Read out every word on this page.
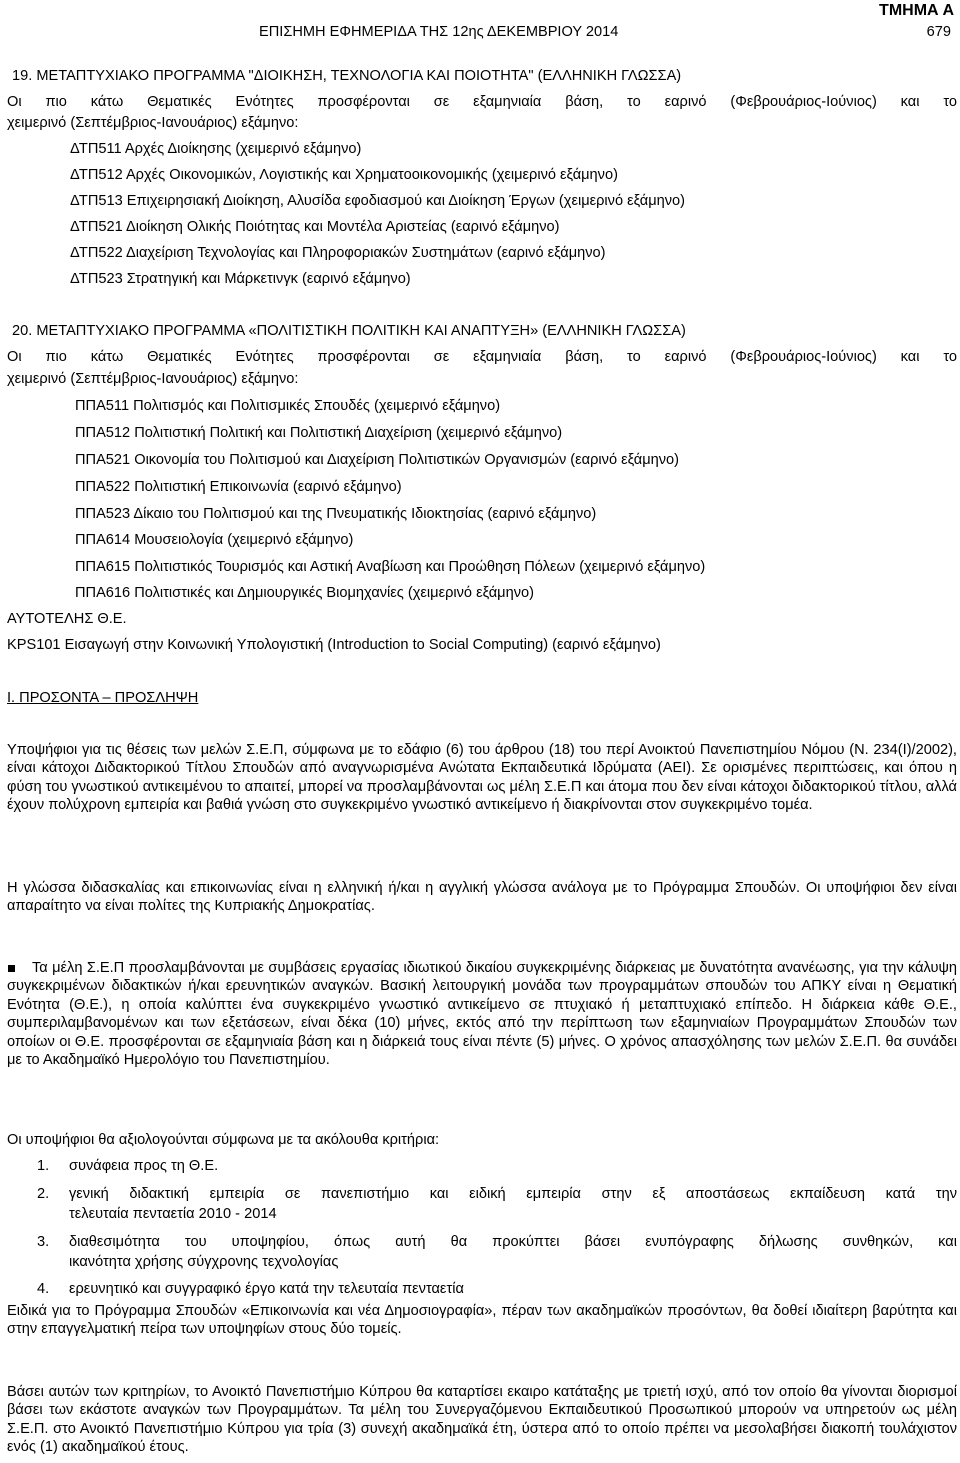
ΤΜΗΜΑ Α
ΕΠΙΣΗΜΗ ΕΦΗΜΕΡΙΔΑ ΤΗΣ 12ης ΔΕΚΕΜΒΡΙΟΥ 2014	679
19. ΜΕΤΑΠΤΥΧΙΑΚΟ ΠΡΟΓΡΑΜΜΑ "ΔΙΟΙΚΗΣΗ, ΤΕΧΝΟΛΟΓΙΑ ΚΑΙ ΠΟΙΟΤΗΤΑ" (ΕΛΛΗΝΙΚΗ ΓΛΩΣΣΑ)
Οι πιο κάτω Θεματικές Ενότητες προσφέρονται σε εξαμηνιαία βάση, το εαρινό (Φεβρουάριος-Ιούνιος) και το
χειμερινό (Σεπτέμβριος-Ιανουάριος) εξάμηνο:
ΔΤΠ511 Αρχές Διοίκησης (χειμερινό εξάμηνο)
ΔΤΠ512 Αρχές Οικονομικών, Λογιστικής και Χρηματοοικονομικής (χειμερινό εξάμηνο)
ΔΤΠ513 Επιχειρησιακή Διοίκηση, Αλυσίδα εφοδιασμού και Διοίκηση Έργων (χειμερινό εξάμηνο)
ΔΤΠ521 Διοίκηση Ολικής Ποιότητας και Μοντέλα Αριστείας (εαρινό εξάμηνο)
ΔΤΠ522 Διαχείριση Τεχνολογίας και Πληροφοριακών Συστημάτων (εαρινό εξάμηνο)
ΔΤΠ523 Στρατηγική και Μάρκετινγκ (εαρινό εξάμηνο)
20. ΜΕΤΑΠΤΥΧΙΑΚΟ ΠΡΟΓΡΑΜΜΑ «ΠΟΛΙΤΙΣΤΙΚΗ ΠΟΛΙΤΙΚΗ ΚΑΙ ΑΝΑΠΤΥΞΗ» (ΕΛΛΗΝΙΚΗ ΓΛΩΣΣΑ)
Οι πιο κάτω Θεματικές Ενότητες προσφέρονται σε εξαμηνιαία βάση, το εαρινό (Φεβρουάριος-Ιούνιος) και το
χειμερινό (Σεπτέμβριος-Ιανουάριος) εξάμηνο:
ΠΠΑ511 Πολιτισμός και Πολιτισμικές Σπουδές (χειμερινό εξάμηνο)
ΠΠΑ512 Πολιτιστική Πολιτική και Πολιτιστική Διαχείριση (χειμερινό εξάμηνο)
ΠΠΑ521 Οικονομία του Πολιτισμού και Διαχείριση Πολιτιστικών Οργανισμών (εαρινό εξάμηνο)
ΠΠΑ522 Πολιτιστική Επικοινωνία (εαρινό εξάμηνο)
ΠΠΑ523 Δίκαιο του Πολιτισμού και της Πνευματικής Ιδιοκτησίας (εαρινό εξάμηνο)
ΠΠΑ614 Μουσειολογία (χειμερινό εξάμηνο)
ΠΠΑ615 Πολιτιστικός Τουρισμός και Αστική Αναβίωση και Προώθηση Πόλεων (χειμερινό εξάμηνο)
ΠΠΑ616 Πολιτιστικές και Δημιουργικές Βιομηχανίες (χειμερινό εξάμηνο)
ΑΥΤΟΤΕΛΗΣ Θ.Ε.
KPS101 Εισαγωγή στην Κοινωνική Υπολογιστική (Introduction to Social Computing) (εαρινό εξάμηνο)
Ι. ΠΡΟΣΟΝΤΑ – ΠΡΟΣΛΗΨΗ
Υποψήφιοι για τις θέσεις των μελών Σ.Ε.Π, σύμφωνα με το εδάφιο (6) του άρθρου (18) του περί Ανοικτού Πανεπιστημίου Νόμου (Ν. 234(Ι)/2002), είναι κάτοχοι Διδακτορικού Τίτλου Σπουδών από αναγνωρισμένα Ανώτατα Εκπαιδευτικά Ιδρύματα (ΑΕΙ). Σε ορισμένες περιπτώσεις, και όπου η φύση του γνωστικού αντικειμένου το απαιτεί, μπορεί να προσλαμβάνονται ως μέλη Σ.Ε.Π και άτομα που δεν είναι κάτοχοι διδακτορικού τίτλου, αλλά έχουν πολύχρονη εμπειρία και βαθιά γνώση στο συγκεκριμένο γνωστικό αντικείμενο ή διακρίνονται στον συγκεκριμένο τομέα.
Η γλώσσα διδασκαλίας και επικοινωνίας είναι η ελληνική ή/και η αγγλική γλώσσα ανάλογα με το Πρόγραμμα Σπουδών. Οι υποψήφιοι δεν είναι απαραίτητο να είναι πολίτες της Κυπριακής Δημοκρατίας.
Τα μέλη Σ.Ε.Π προσλαμβάνονται με συμβάσεις εργασίας ιδιωτικού δικαίου συγκεκριμένης διάρκειας με δυνατότητα ανανέωσης, για την κάλυψη συγκεκριμένων διδακτικών ή/και ερευνητικών αναγκών. Βασική λειτουργική μονάδα των προγραμμάτων σπουδών του ΑΠΚΥ είναι η Θεματική Ενότητα (Θ.Ε.), η οποία καλύπτει ένα συγκεκριμένο γνωστικό αντικείμενο σε πτυχιακό ή μεταπτυχιακό επίπεδο. Η διάρκεια κάθε Θ.Ε., συμπεριλαμβανομένων και των εξετάσεων, είναι δέκα (10) μήνες, εκτός από την περίπτωση των εξαμηνιαίων Προγραμμάτων Σπουδών των οποίων οι Θ.Ε. προσφέρονται σε εξαμηνιαία βάση και η διάρκειά τους είναι πέντε (5) μήνες. Ο χρόνος απασχόλησης των μελών Σ.Ε.Π. θα συνάδει με το Ακαδημαϊκό Ημερολόγιο του Πανεπιστημίου.
Οι υποψήφιοι θα αξιολογούνται σύμφωνα με τα ακόλουθα κριτήρια:
1. συνάφεια προς τη Θ.Ε.
2. γενική διδακτική εμπειρία σε πανεπιστήμιο και ειδική εμπειρία στην εξ αποστάσεως εκπαίδευση κατά την
τελευταία πενταετία 2010 - 2014
3. διαθεσιμότητα του υποψηφίου, όπως αυτή θα προκύπτει βάσει ενυπόγραφης δήλωσης συνθηκών, και
ικανότητα χρήσης σύγχρονης τεχνολογίας
4. ερευνητικό και συγγραφικό έργο κατά την τελευταία πενταετία
Ειδικά για το Πρόγραμμα Σπουδών «Επικοινωνία και νέα Δημοσιογραφία», πέραν των ακαδημαϊκών προσόντων, θα δοθεί ιδιαίτερη βαρύτητα και στην επαγγελματική πείρα των υποψηφίων στους δύο τομείς.
Βάσει αυτών των κριτηρίων, το Ανοικτό Πανεπιστήμιο Κύπρου θα καταρτίσει εκαιρο κατάταξης με τριετή ισχύ, από τον οποίο θα γίνονται διορισμοί βάσει των εκάστοτε αναγκών των Προγραμμάτων. Τα μέλη του Συνεργαζόμενου Εκπαιδευτικού Προσωπικού μπορούν να υπηρετούν ως μέλη Σ.Ε.Π. στο Ανοικτό Πανεπιστήμιο Κύπρου για τρία (3) συνεχή ακαδημαϊκά έτη, ύστερα από το οποίο πρέπει να μεσολαβήσει διακοπή τουλάχιστον ενός (1) ακαδημαϊκού έτους.
